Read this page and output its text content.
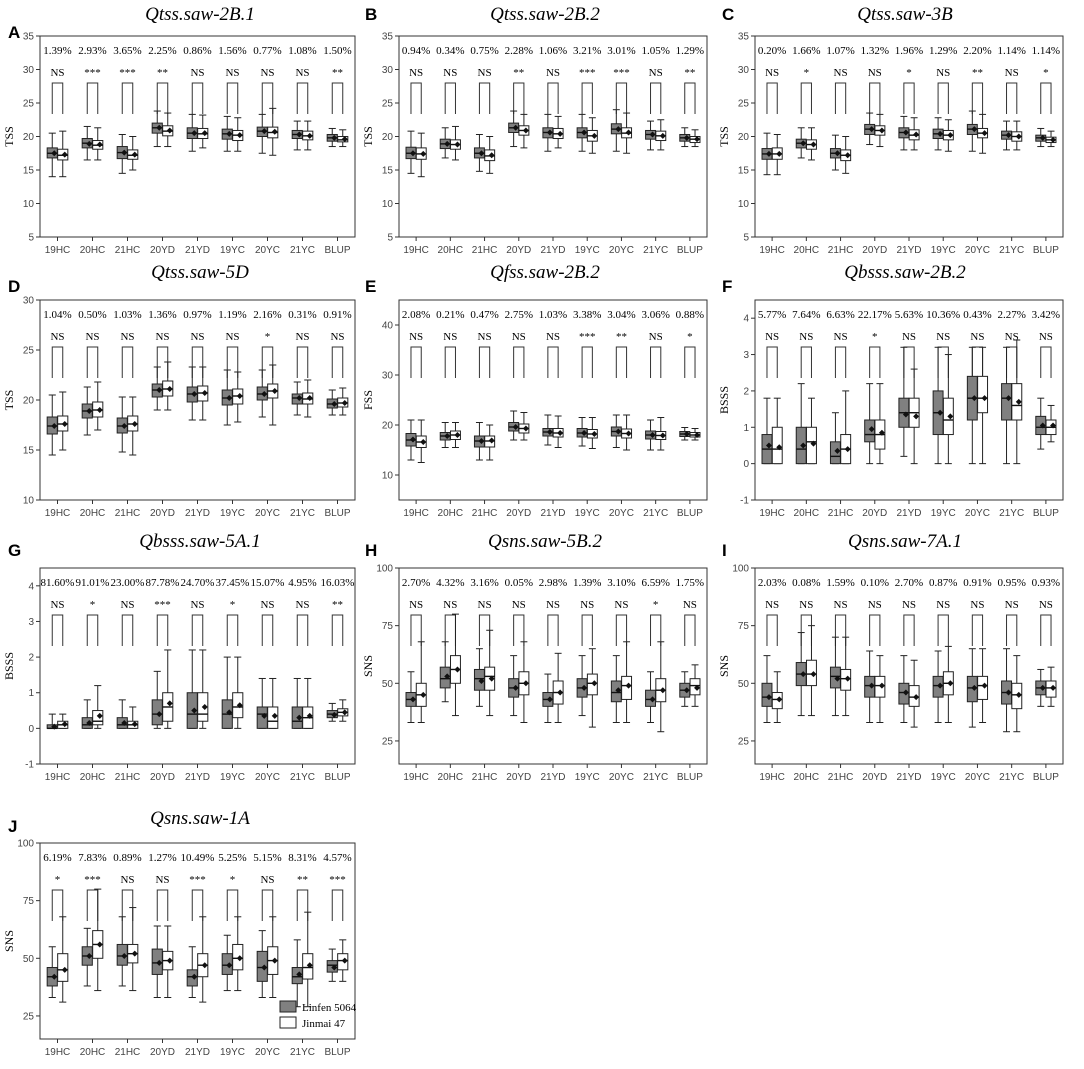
Qtss.saw-2B.1
A
5
10
15
20
25
30
35
TSS
19HC
1.39%
NS
20HC
2.93%
***
21HC
3.65%
***
20YD
2.25%
**
21YD
0.86%
NS
19YC
1.56%
NS
20YC
0.77%
NS
21YC
1.08%
NS
BLUP
1.50%
**
Qtss.saw-2B.2
B
5
10
15
20
25
30
35
TSS
19HC
0.94%
NS
20HC
0.34%
NS
21HC
0.75%
NS
20YD
2.28%
**
21YD
1.06%
NS
19YC
3.21%
***
20YC
3.01%
***
21YC
1.05%
NS
BLUP
1.29%
**
Qtss.saw-3B
C
5
10
15
20
25
30
35
TSS
19HC
0.20%
NS
20HC
1.66%
*
21HC
1.07%
NS
20YD
1.32%
NS
21YD
1.96%
*
19YC
1.29%
NS
20YC
2.20%
**
21YC
1.14%
NS
BLUP
1.14%
*
Qtss.saw-5D
D
10
15
20
25
30
TSS
19HC
1.04%
NS
20HC
0.50%
NS
21HC
1.03%
NS
20YD
1.36%
NS
21YD
0.97%
NS
19YC
1.19%
NS
20YC
2.16%
*
21YC
0.31%
NS
BLUP
0.91%
NS
Qfss.saw-2B.2
E
10
20
30
40
FSS
19HC
2.08%
NS
20HC
0.21%
NS
21HC
0.47%
NS
20YD
2.75%
NS
21YD
1.03%
NS
19YC
3.38%
***
20YC
3.04%
**
21YC
3.06%
NS
BLUP
0.88%
*
Qbsss.saw-2B.2
F
-1
0
1
2
3
4
BSSS
19HC
5.77%
NS
20HC
7.64%
NS
21HC
6.63%
NS
20YD
22.17%
*
21YD
5.63%
NS
19YC
10.36%
NS
20YC
0.43%
NS
21YC
2.27%
NS
BLUP
3.42%
NS
Qbsss.saw-5A.1
G
-1
0
1
2
3
4
BSSS
19HC
81.60%
NS
20HC
91.01%
*
21HC
23.00%
NS
20YD
87.78%
***
21YD
24.70%
NS
19YC
37.45%
*
20YC
15.07%
NS
21YC
4.95%
NS
BLUP
16.03%
**
Qsns.saw-5B.2
H
25
50
75
100
SNS
19HC
2.70%
NS
20HC
4.32%
NS
21HC
3.16%
NS
20YD
0.05%
NS
21YD
2.98%
NS
19YC
1.39%
NS
20YC
3.10%
NS
21YC
6.59%
*
BLUP
1.75%
NS
Qsns.saw-7A.1
I
25
50
75
100
SNS
19HC
2.03%
NS
20HC
0.08%
NS
21HC
1.59%
NS
20YD
0.10%
NS
21YD
2.70%
NS
19YC
0.87%
NS
20YC
0.91%
NS
21YC
0.95%
NS
BLUP
0.93%
NS
Qsns.saw-1A
J
25
50
75
100
SNS
19HC
6.19%
*
20HC
7.83%
***
21HC
0.89%
NS
20YD
1.27%
NS
21YD
10.49%
***
19YC
5.25%
*
20YC
5.15%
NS
21YC
8.31%
**
BLUP
4.57%
***
Linfen 5064
Jinmai 47
